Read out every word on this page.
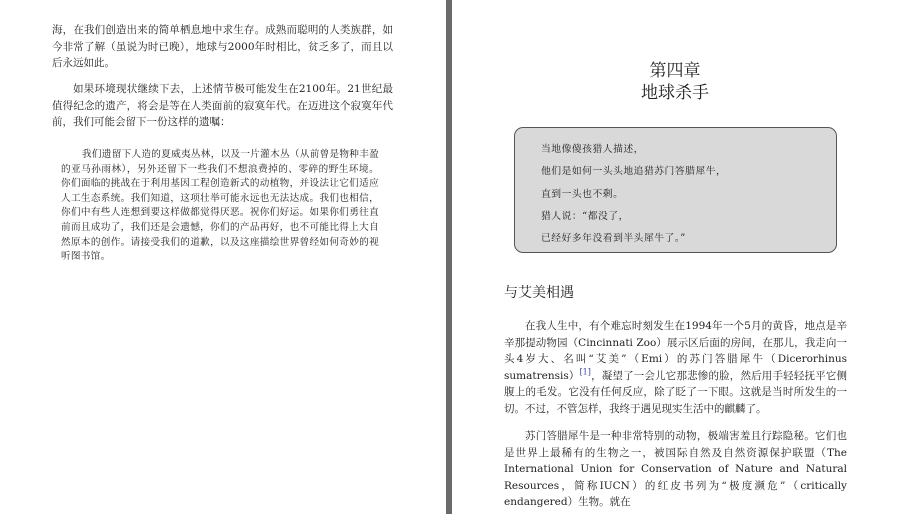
海，在我们创造出来的简单栖息地中求生存。成熟而聪明的人类族群，如今非常了解（虽说为时已晚），地球与2000年时相比，贫乏多了，而且以后永远如此。

如果环境现状继续下去，上述情节极可能发生在2100年。21世纪最值得纪念的遗产，将会是等在人类面前的寂寞年代。在迈进这个寂寞年代前，我们可能会留下一份这样的遗嘱：

我们遗留下人造的夏威夷丛林，以及一片灌木丛（从前曾是物种丰盈的亚马孙雨林），另外还留下一些我们不想浪费掉的、零碎的野生环境。你们面临的挑战在于利用基因工程创造新式的动植物，并设法让它们适应人工生态系统。我们知道，这项壮举可能永远也无法达成。我们也相信，你们中有些人连想到要这样做都觉得厌恶。祝你们好运。如果你们勇往直前而且成功了，我们还是会遗憾，你们的产品再好，也不可能比得上大自然原本的创作。请接受我们的道歉，以及这座描绘世界曾经如何奇妙的视听图书馆。

第四章
地球杀手
当地像傻孩猎人描述，
他们是如何一头头地追猎苏门答腊犀牛，
直到一头也不剩。
猎人说：“都没了，
已经好多年没看到半头犀牛了。”
与艾美相遇

在我人生中，有个难忘时刻发生在1994年一个5月的黄昏，地点是辛辛那提动物园（Cincinnati Zoo）展示区后面的房间，在那儿，我走向一头4岁大、名叫“艾美”（Emi）的苏门答腊犀牛（Dicerorhinus sumatrensis）[1]，凝望了一会儿它那悲惨的脸，然后用手轻轻抚平它侧腹上的毛发。它没有任何反应，除了眨了一下眼。这就是当时所发生的一切。不过，不管怎样，我终于遇见现实生活中的麒麟了。

苏门答腊犀牛是一种非常特别的动物，极端害羞且行踪隐秘。它们也是世界上最稀有的生物之一，被国际自然及自然资源保护联盟（The International Union for Conservation of Nature and Natural Resources，简称IUCN）的红皮书列为“极度濒危”（critically endangered）生物。就在
